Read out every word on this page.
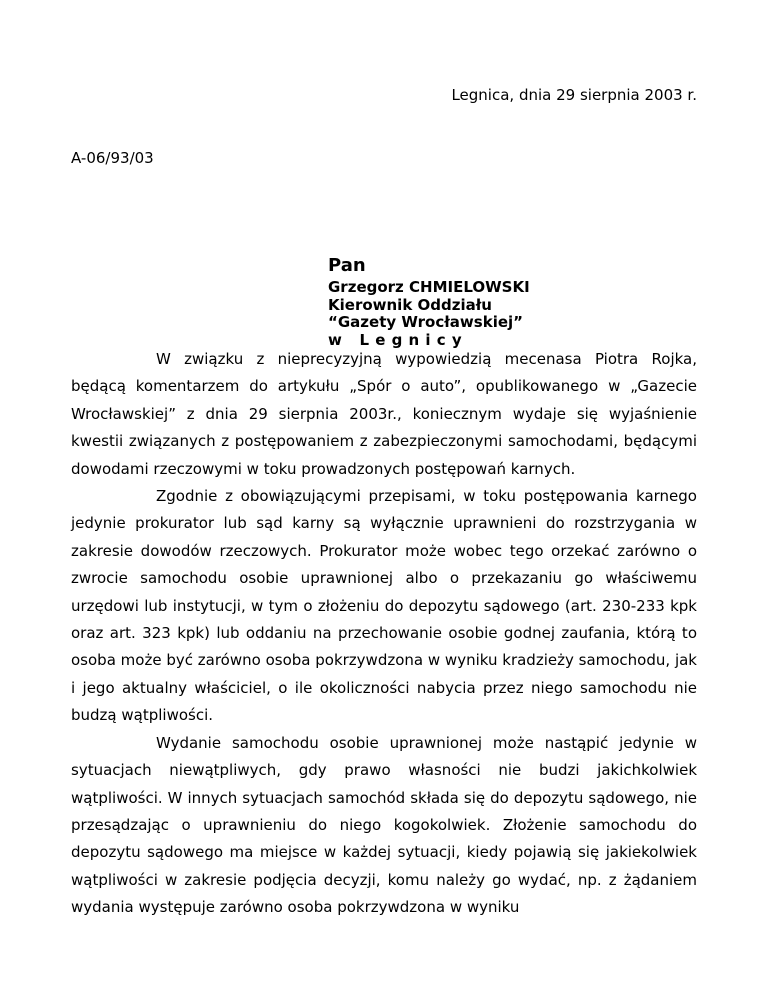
Legnica, dnia 29 sierpnia 2003 r.
A-06/93/03
Pan
Grzegorz CHMIELOWSKI
Kierownik Oddziału
“Gazety Wrocławskiej”
w Legnicy

W związku z nieprecyzyjną wypowiedzią mecenasa Piotra Rojka, będącą komentarzem do artykułu „Spór o auto”, opublikowanego w „Gazecie Wrocławskiej” z dnia 29 sierpnia 2003r., koniecznym wydaje się wyjaśnienie kwestii związanych z postępowaniem z zabezpieczonymi samochodami, będącymi dowodami rzeczowymi w toku prowadzonych postępowań karnych.

Zgodnie z obowiązującymi przepisami, w toku postępowania karnego jedynie prokurator lub sąd karny są wyłącznie uprawnieni do rozstrzygania w zakresie dowodów rzeczowych. Prokurator może wobec tego orzekać zarówno o zwrocie samochodu osobie uprawnionej albo o przekazaniu go właściwemu urzędowi lub instytucji, w tym o złożeniu do depozytu sądowego (art. 230-233 kpk oraz art. 323 kpk) lub oddaniu na przechowanie osobie godnej zaufania, którą to osoba może być zarówno osoba pokrzywdzona w wyniku kradzieży samochodu, jak i jego aktualny właściciel, o ile okoliczności nabycia przez niego samochodu nie budzą wątpliwości.

Wydanie samochodu osobie uprawnionej może nastąpić jedynie w sytuacjach niewątpliwych, gdy prawo własności nie budzi jakichkolwiek wątpliwości. W innych sytuacjach samochód składa się do depozytu sądowego, nie przesądzając o uprawnieniu do niego kogokolwiek. Złożenie samochodu do depozytu sądowego ma miejsce w każdej sytuacji, kiedy pojawią się jakiekolwiek wątpliwości w zakresie podjęcia decyzji, komu należy go wydać, np. z żądaniem wydania występuje zarówno osoba pokrzywdzona w wyniku
